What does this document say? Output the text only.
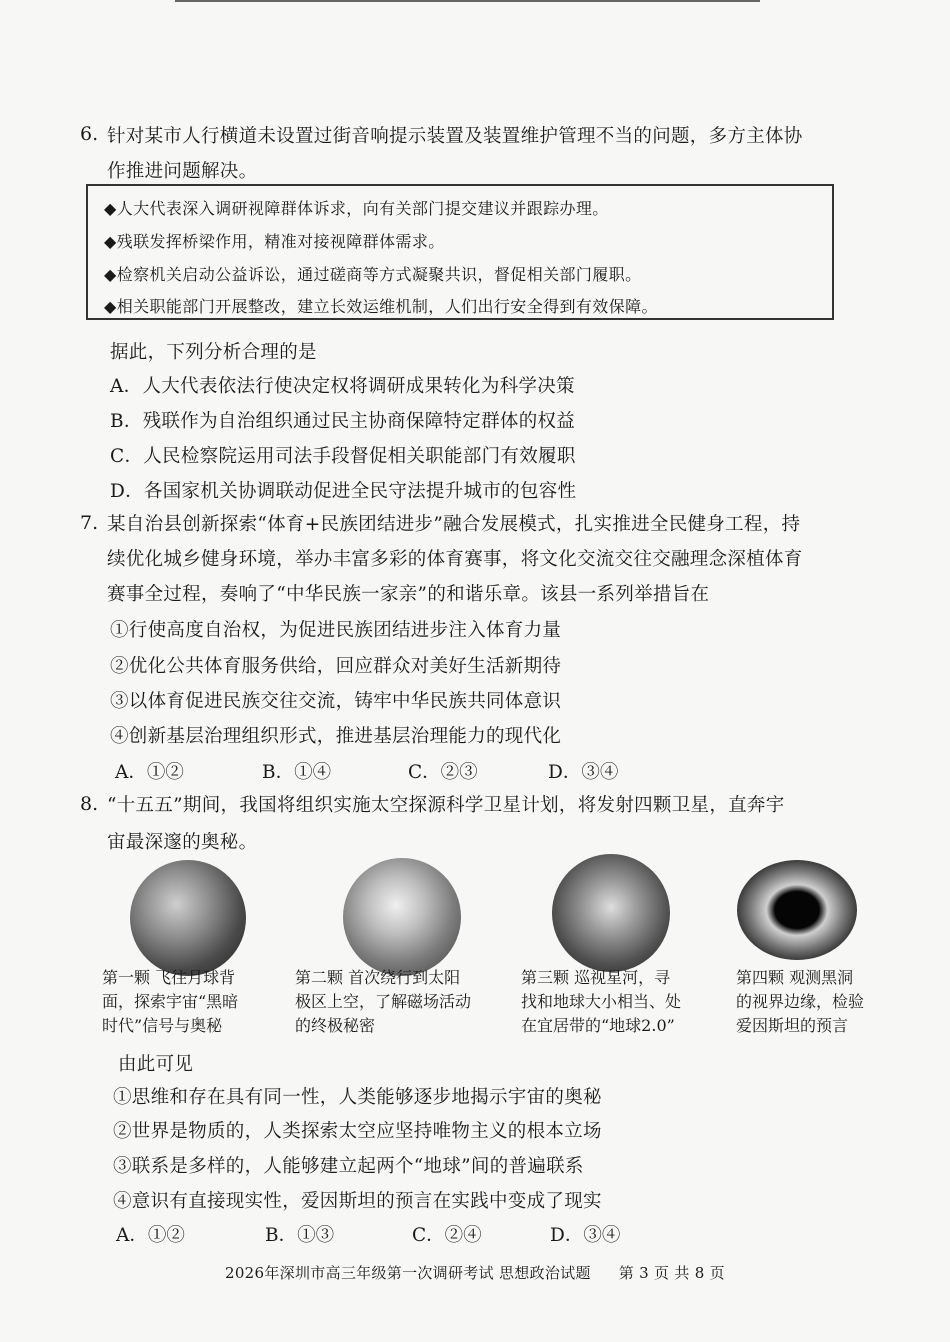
6. 针对某市人行横道未设置过街音响提示装置及装置维护管理不当的问题，多方主体协
作推进问题解决。
◆人大代表深入调研视障群体诉求，向有关部门提交建议并跟踪办理。
◆残联发挥桥梁作用，精准对接视障群体需求。
◆检察机关启动公益诉讼，通过磋商等方式凝聚共识，督促相关部门履职。
◆相关职能部门开展整改，建立长效运维机制，人们出行安全得到有效保障。
据此，下列分析合理的是
A．人大代表依法行使决定权将调研成果转化为科学决策
B．残联作为自治组织通过民主协商保障特定群体的权益
C．人民检察院运用司法手段督促相关职能部门有效履职
D．各国家机关协调联动促进全民守法提升城市的包容性
7. 某自治县创新探索“体育+民族团结进步”融合发展模式，扎实推进全民健身工程，持
续优化城乡健身环境，举办丰富多彩的体育赛事，将文化交流交往交融理念深植体育
赛事全过程，奏响了“中华民族一家亲”的和谐乐章。该县一系列举措旨在
①行使高度自治权，为促进民族团结进步注入体育力量
②优化公共体育服务供给，回应群众对美好生活新期待
③以体育促进民族交往交流，铸牢中华民族共同体意识
④创新基层治理组织形式，推进基层治理能力的现代化
A．①②	B．①④	C．②③	D．③④
8. “十五五”期间，我国将组织实施太空探源科学卫星计划，将发射四颗卫星，直奔宇
宙最深邃的奥秘。
第一颗 飞往月球背
面，探索宇宙“黑暗
时代”信号与奥秘
第二颗 首次绕行到太阳
极区上空，了解磁场活动
的终极秘密
第三颗 巡视星河，寻
找和地球大小相当、处
在宜居带的“地球2.0”
第四颗 观测黑洞
的视界边缘，检验
爱因斯坦的预言
由此可见
①思维和存在具有同一性，人类能够逐步地揭示宇宙的奥秘
②世界是物质的，人类探索太空应坚持唯物主义的根本立场
③联系是多样的，人能够建立起两个“地球”间的普遍联系
④意识有直接现实性，爱因斯坦的预言在实践中变成了现实
A．①②	B．①③	C．②④	D．③④
2026年深圳市高三年级第一次调研考试 思想政治试题 第 3 页 共 8 页
